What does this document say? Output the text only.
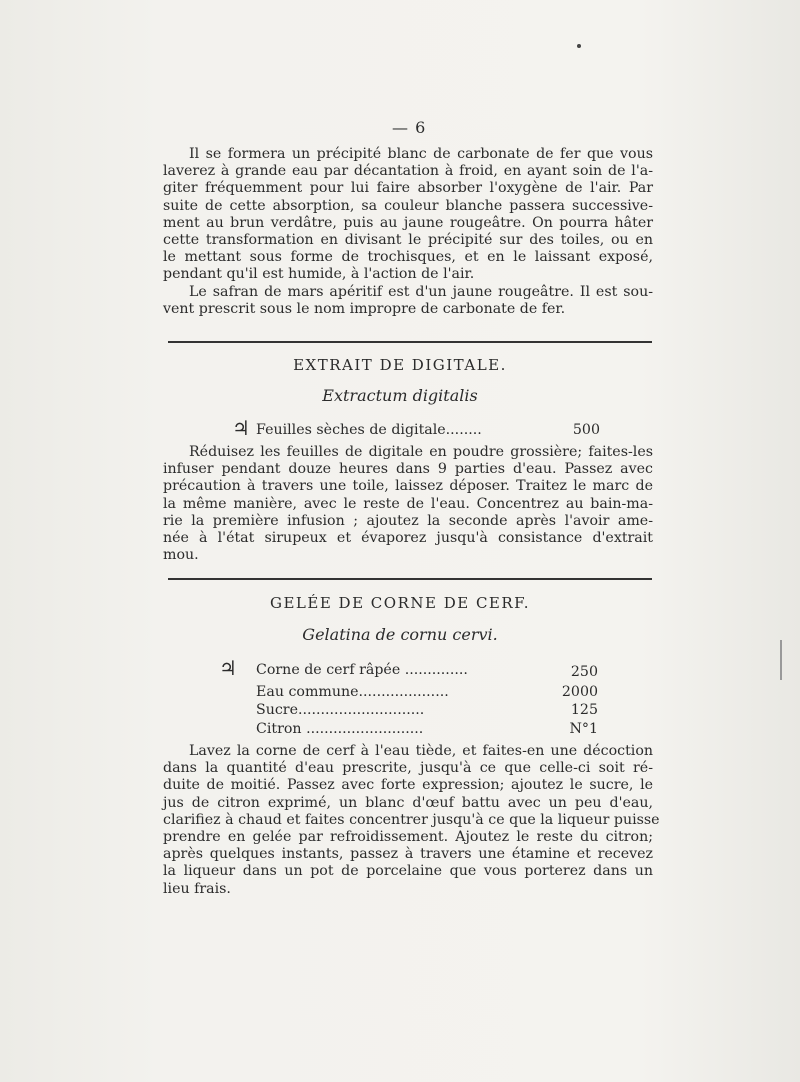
— 6
Il se formera un précipité blanc de carbonate de fer que vous
laverez à grande eau par décantation à froid, en ayant soin de l'a-
giter fréquemment pour lui faire absorber l'oxygène de l'air. Par
suite de cette absorption, sa couleur blanche passera successive-
ment au brun verdâtre, puis au jaune rougeâtre. On pourra hâter
cette transformation en divisant le précipité sur des toiles, ou en
le mettant sous forme de trochisques, et en le laissant exposé,
pendant qu'il est humide, à l'action de l'air.
Le safran de mars apéritif est d'un jaune rougeâtre. Il est sou-
vent prescrit sous le nom impropre de carbonate de fer.
EXTRAIT DE DIGITALE.
Extractum digitalis
♃ Feuilles sèches de digitale........	500
Réduisez les feuilles de digitale en poudre grossière; faites-les
infuser pendant douze heures dans 9 parties d'eau. Passez avec
précaution à travers une toile, laissez déposer. Traitez le marc de
la même manière, avec le reste de l'eau. Concentrez au bain-ma-
rie la première infusion ; ajoutez la seconde après l'avoir ame-
née à l'état sirupeux et évaporez jusqu'à consistance d'extrait
mou.
GELÉE DE CORNE DE CERF.
Gelatina de cornu cervi.
♃ Corne de cerf râpée ..............	250
Eau commune....................	2000
Sucre............................	125
Citron ..........................	N°1
Lavez la corne de cerf à l'eau tiède, et faites-en une décoction
dans la quantité d'eau prescrite, jusqu'à ce que celle-ci soit ré-
duite de moitié. Passez avec forte expression; ajoutez le sucre, le
jus de citron exprimé, un blanc d'œuf battu avec un peu d'eau,
clarifiez à chaud et faites concentrer jusqu'à ce que la liqueur puisse
prendre en gelée par refroidissement. Ajoutez le reste du citron;
après quelques instants, passez à travers une étamine et recevez
la liqueur dans un pot de porcelaine que vous porterez dans un
lieu frais.
